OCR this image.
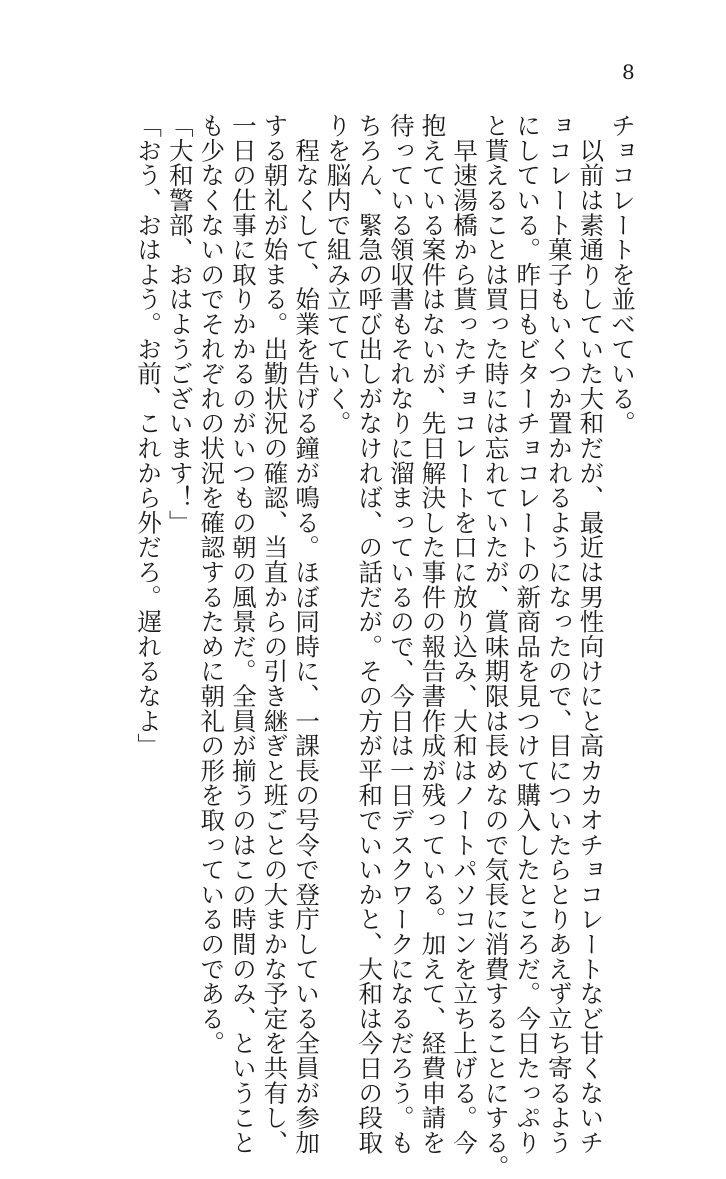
8
チョコレートを並べている。
　以前は素通りしていた大和だが、最近は男性向けにと高カカオチョコレートなど甘くないチ
ョコレート菓子もいくつか置かれるようになったので、目についたらとりあえず立ち寄るよう
にしている。昨日もビターチョコレートの新商品を見つけて購入したところだ。今日たっぷり
と貰えることは買った時には忘れていたが、賞味期限は長めなので気長に消費することにする。
　早速湯橋から貰ったチョコレートを口に放り込み、大和はノートパソコンを立ち上げる。今
抱えている案件はないが、先日解決した事件の報告書作成が残っている。加えて、経費申請を
待っている領収書もそれなりに溜まっているので、今日は一日デスクワークになるだろう。も
ちろん、緊急の呼び出しがなければ、の話だが。その方が平和でいいかと、大和は今日の段取
りを脳内で組み立てていく。
　程なくして、始業を告げる鐘が鳴る。ほぼ同時に、一課長の号令で登庁している全員が参加
する朝礼が始まる。出勤状況の確認、当直からの引き継ぎと班ごとの大まかな予定を共有し、
一日の仕事に取りかかるのがいつもの朝の風景だ。全員が揃うのはこの時間のみ、ということ
も少なくないのでそれぞれの状況を確認するために朝礼の形を取っているのである。
「大和警部、おはようございます！」
「おう、おはよう。お前、これから外だろ。遅れるなよ」
